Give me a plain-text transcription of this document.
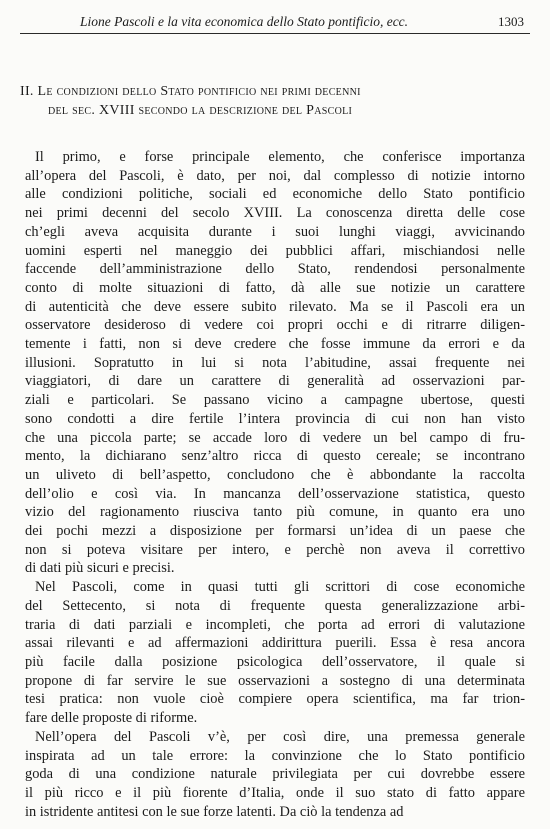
Lione Pascoli e la vita economica dello Stato pontificio, ecc.	1303
II. Le condizioni dello Stato pontificio nei primi decenni
del sec. XVIII secondo la descrizione del Pascoli

Il primo, e forse principale elemento, che conferisce importanza
all’opera del Pascoli, è dato, per noi, dal complesso di notizie intorno
alle condizioni politiche, sociali ed economiche dello Stato pontificio
nei primi decenni del secolo XVIII. La conoscenza diretta delle cose
ch’egli aveva acquisita durante i suoi lunghi viaggi, avvicinando
uomini esperti nel maneggio dei pubblici affari, mischiandosi nelle
faccende dell’amministrazione dello Stato, rendendosi personalmente
conto di molte situazioni di fatto, dà alle sue notizie un carattere
di autenticità che deve essere subito rilevato. Ma se il Pascoli era un
osservatore desideroso di vedere coi propri occhi e di ritrarre diligen-
temente i fatti, non si deve credere che fosse immune da errori e da
illusioni. Sopratutto in lui si nota l’abitudine, assai frequente nei
viaggiatori, di dare un carattere di generalità ad osservazioni par-
ziali e particolari. Se passano vicino a campagne ubertose, questi
sono condotti a dire fertile l’intera provincia di cui non han visto
che una piccola parte; se accade loro di vedere un bel campo di fru-
mento, la dichiarano senz’altro ricca di questo cereale; se incontrano
un uliveto di bell’aspetto, concludono che è abbondante la raccolta
dell’olio e così via. In mancanza dell’osservazione statistica, questo
vizio del ragionamento riusciva tanto più comune, in quanto era uno
dei pochi mezzi a disposizione per formarsi un’idea di un paese che
non si poteva visitare per intero, e perchè non aveva il correttivo
di dati più sicuri e precisi.

Nel Pascoli, come in quasi tutti gli scrittori di cose economiche
del Settecento, si nota di frequente questa generalizzazione arbi-
traria di dati parziali e incompleti, che porta ad errori di valutazione
assai rilevanti e ad affermazioni addirittura puerili. Essa è resa ancora
più facile dalla posizione psicologica dell’osservatore, il quale si
propone di far servire le sue osservazioni a sostegno di una determinata
tesi pratica: non vuole cioè compiere opera scientifica, ma far trion-
fare delle proposte di riforme.

Nell’opera del Pascoli v’è, per così dire, una premessa generale
inspirata ad un tale errore: la convinzione che lo Stato pontificio
goda di una condizione naturale privilegiata per cui dovrebbe essere
il più ricco e il più fiorente d’Italia, onde il suo stato di fatto appare
in istridente antitesi con le sue forze latenti. Da ciò la tendenza ad
